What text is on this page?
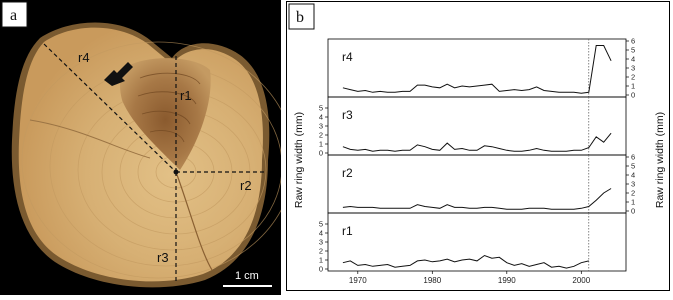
r4
r1
r2
r3
1 cm
a	b
0
1
2
3
4
5
6
r4
0
1
2
3
4
5 r3
0
1
2
3
4
5
6
r2
0
1
2
3
4
5 r1
1970	1980	1990	2000
Raw ring width (mm)	Raw ring width (mm)
